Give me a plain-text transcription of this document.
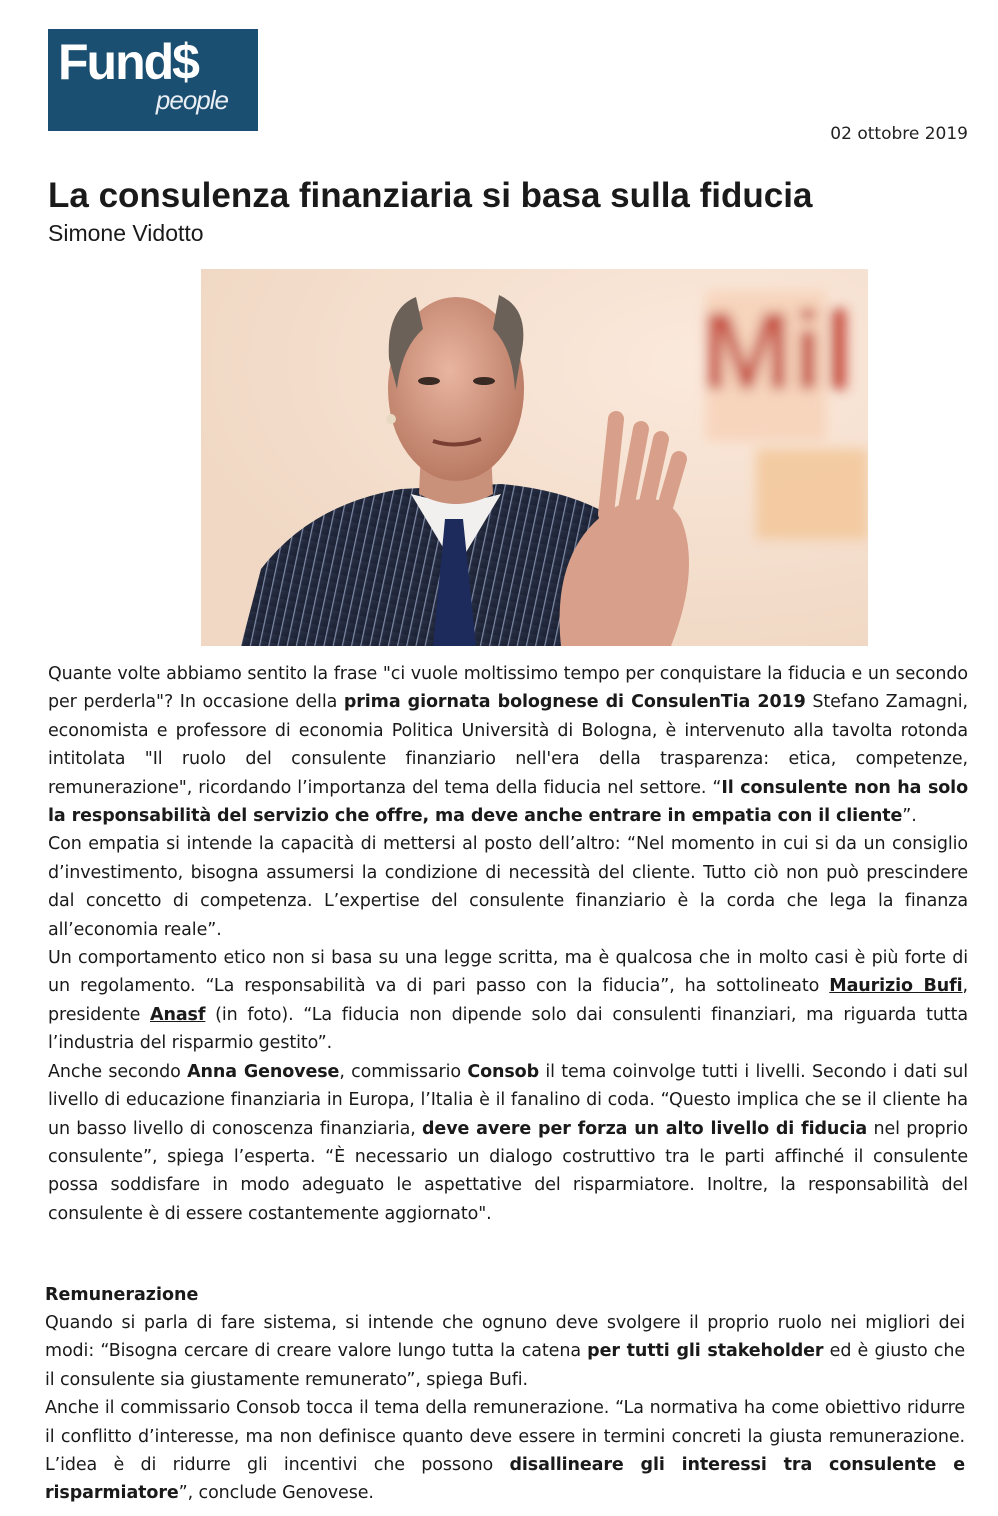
Fund$
people
02 ottobre 2019
La consulenza finanziaria si basa sulla fiducia
Simone Vidotto
Mil

Quante volte abbiamo sentito la frase "ci vuole moltissimo tempo per conquistare la fiducia e un secondo per perderla"? In occasione della prima giornata bolognese di ConsulenTia 2019 Stefano Zamagni, economista e professore di economia Politica Università di Bologna, è intervenuto alla tavolta rotonda intitolata "Il ruolo del consulente finanziario nell'era della trasparenza: etica, competenze, remunerazione", ricordando l’importanza del tema della fiducia nel settore. “Il consulente non ha solo la responsabilità del servizio che offre, ma deve anche entrare in empatia con il cliente”.

Con empatia si intende la capacità di mettersi al posto dell’altro: “Nel momento in cui si da un consiglio d’investimento, bisogna assumersi la condizione di necessità del cliente. Tutto ciò non può prescindere dal concetto di competenza. L’expertise del consulente finanziario è la corda che lega la finanza all’economia reale”.

Un comportamento etico non si basa su una legge scritta, ma è qualcosa che in molto casi è più forte di un regolamento. “La responsabilità va di pari passo con la fiducia”, ha sottolineato Maurizio Bufi, presidente Anasf (in foto). “La fiducia non dipende solo dai consulenti finanziari, ma riguarda tutta l’industria del risparmio gestito”.

Anche secondo Anna Genovese, commissario Consob il tema coinvolge tutti i livelli. Secondo i dati sul livello di educazione finanziaria in Europa, l’Italia è il fanalino di coda. “Questo implica che se il cliente ha un basso livello di conoscenza finanziaria, deve avere per forza un alto livello di fiducia nel proprio consulente”, spiega l’esperta. “È necessario un dialogo costruttivo tra le parti affinché il consulente possa soddisfare in modo adeguato le aspettative del risparmiatore. Inoltre, la responsabilità del consulente è di essere costantemente aggiornato".

Remunerazione

Quando si parla di fare sistema, si intende che ognuno deve svolgere il proprio ruolo nei migliori dei modi: “Bisogna cercare di creare valore lungo tutta la catena per tutti gli stakeholder ed è giusto che il consulente sia giustamente remunerato”, spiega Bufi.

Anche il commissario Consob tocca il tema della remunerazione. “La normativa ha come obiettivo ridurre il conflitto d’interesse, ma non definisce quanto deve essere in termini concreti la giusta remunerazione. L’idea è di ridurre gli incentivi che possono disallineare gli interessi tra consulente e risparmiatore”, conclude Genovese.
